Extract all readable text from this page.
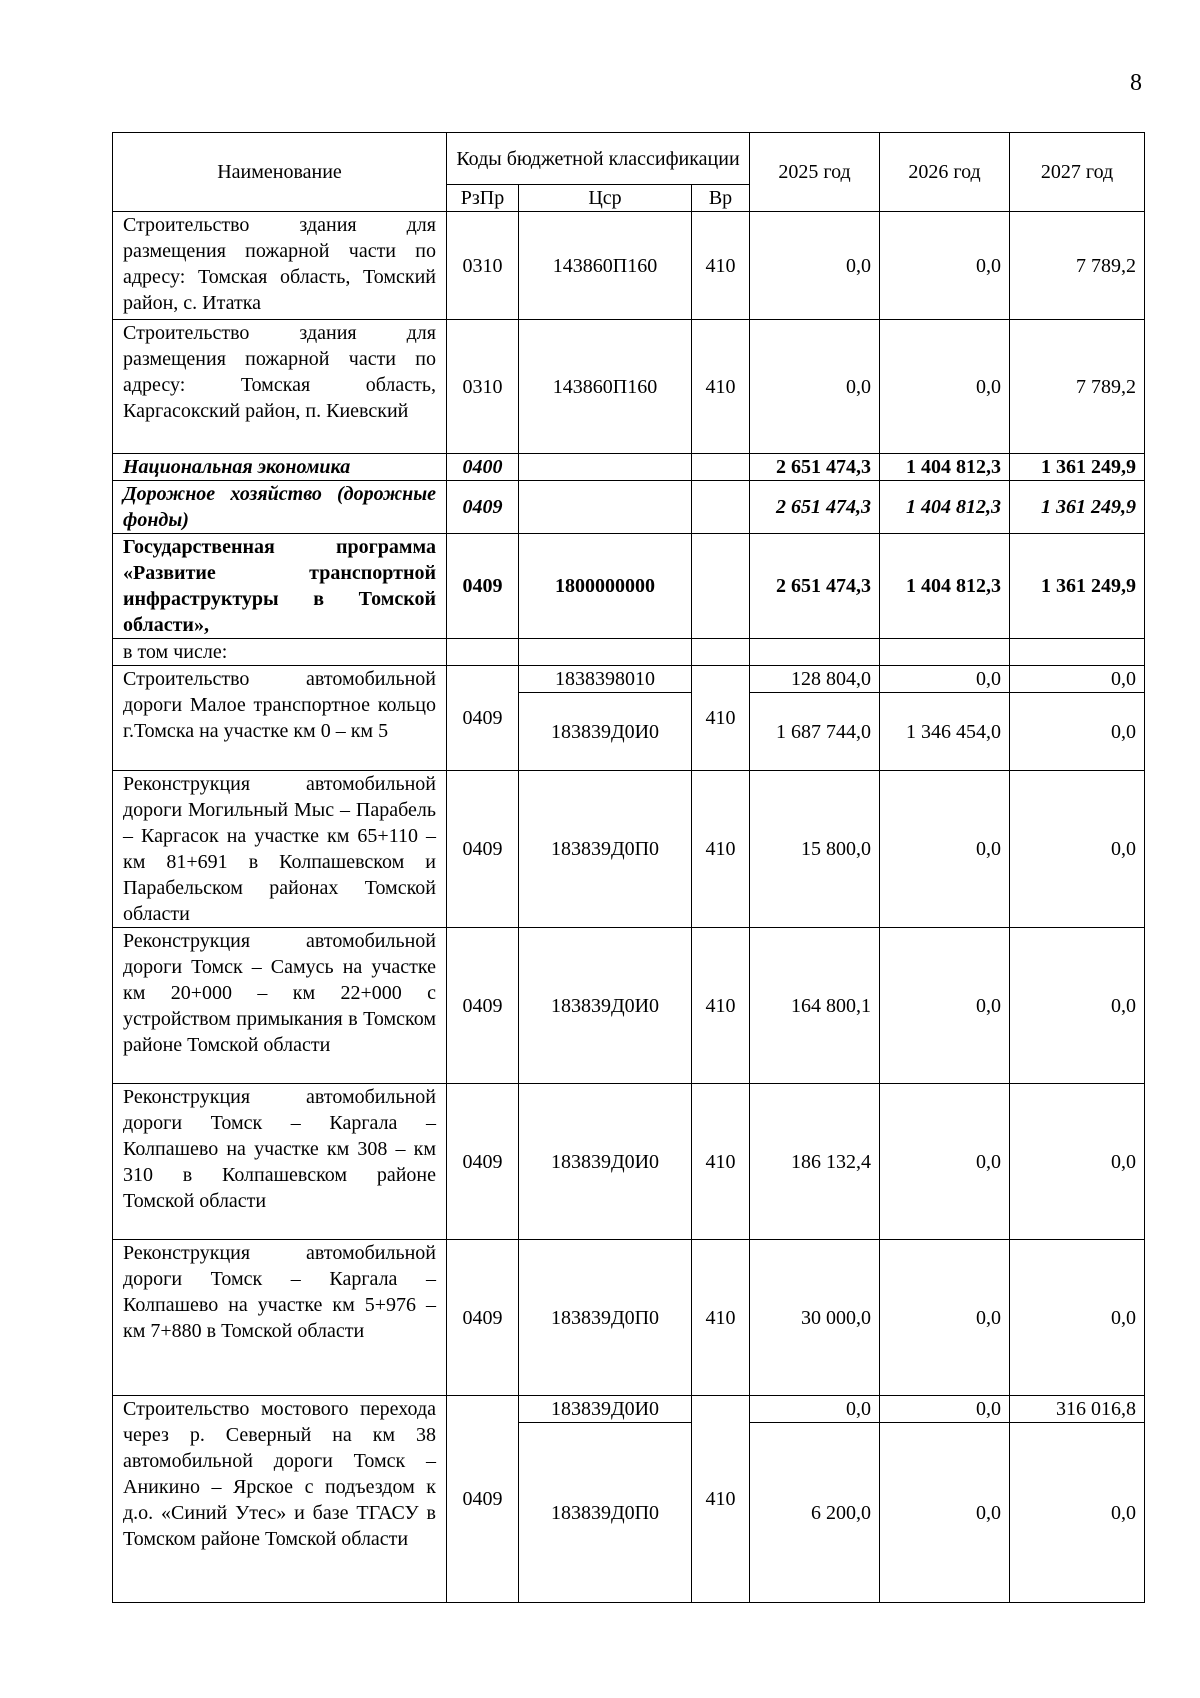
8
Наименование	Коды бюджетной классификации			2025 год	2026 год	2027 год
	РзПр	Цср	Вр			
Строительство здания для размещения пожарной части по адресу: Томская область, Томский район, с. Итатка	0310	143860П160	410	0,0	0,0	7 789,2
Строительство здания для размещения пожарной части по адресу: Томская область, Каргасокский район, п. Киевский	0310	143860П160	410	0,0	0,0	7 789,2
Национальная экономика	0400			2 651 474,3	1 404 812,3	1 361 249,9
Дорожное хозяйство (дорожные фонды)	0409			2 651 474,3	1 404 812,3	1 361 249,9
Государственная программа «Развитие транспортной инфраструктуры в Томской области»,	0409	1800000000		2 651 474,3	1 404 812,3	1 361 249,9
в том числе:						
Строительство автомобильной дороги Малое транспортное кольцо г.Томска на участке км 0 – км 5	0409	1838398010	410	128 804,0	0,0	0,0
		183839Д0И0		1 687 744,0	1 346 454,0	0,0
Реконструкция автомобильной дороги Могильный Мыс – Парабель – Каргасок на участке км 65+110 – км 81+691 в Колпашевском и Парабельском районах Томской области	0409	183839Д0П0	410	15 800,0	0,0	0,0
Реконструкция автомобильной дороги Томск – Самусь на участке км 20+000 – км 22+000 с устройством примыкания в Томском районе Томской области	0409	183839Д0И0	410	164 800,1	0,0	0,0
Реконструкция автомобильной дороги Томск – Каргала – Колпашево на участке км 308 – км 310 в Колпашевском районе Томской области	0409	183839Д0И0	410	186 132,4	0,0	0,0
Реконструкция автомобильной дороги Томск – Каргала – Колпашево на участке км 5+976 – км 7+880 в Томской области	0409	183839Д0П0	410	30 000,0	0,0	0,0
Строительство мостового перехода через р. Северный на км 38 автомобильной дороги Томск – Аникино – Ярское с подъездом к д.о. «Синий Утес» и базе ТГАСУ в Томском районе Томской области	0409	183839Д0И0	410	0,0	0,0	316 016,8
		183839Д0П0		6 200,0	0,0	0,0
